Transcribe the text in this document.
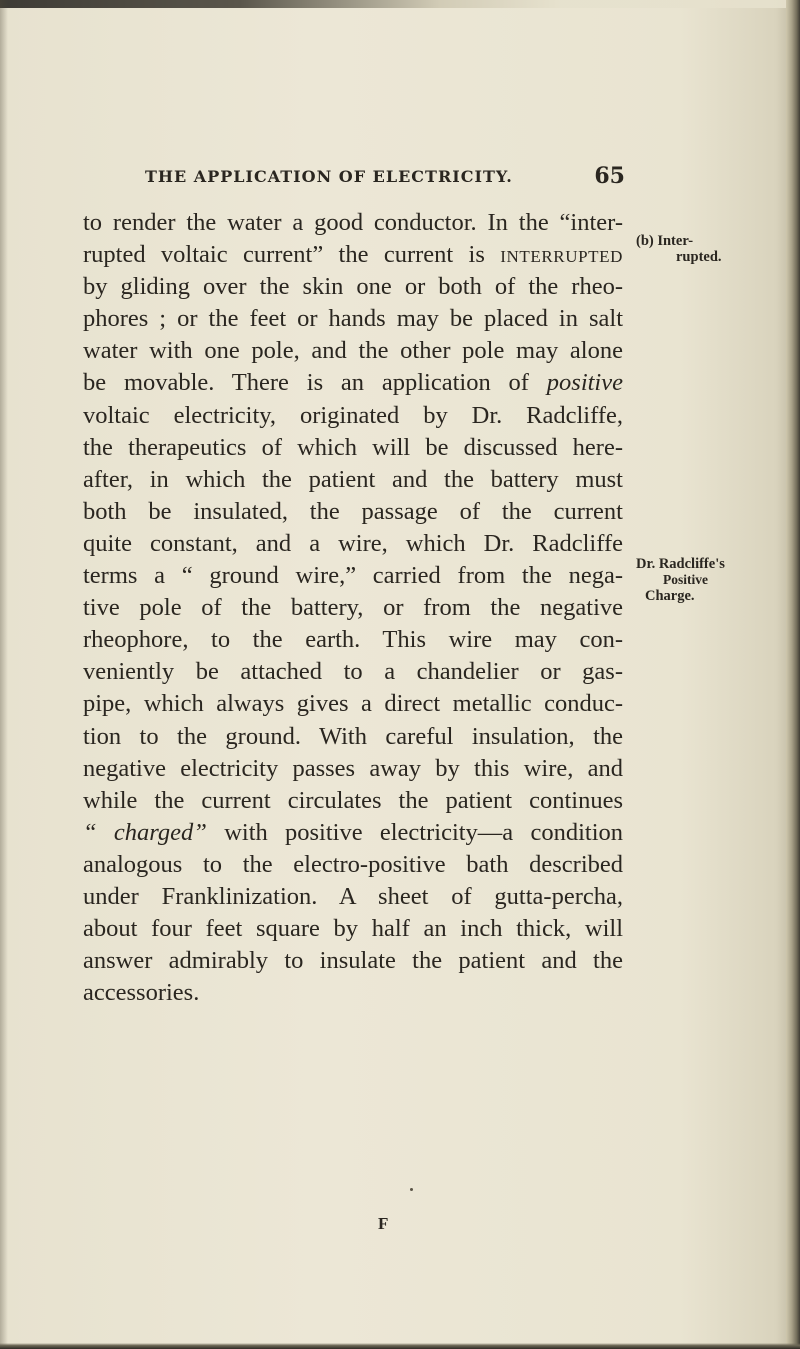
THE APPLICATION OF ELECTRICITY.	65
to render the water a good conductor. In the “inter-
rupted voltaic current” the current is interrupted
by gliding over the skin one or both of the rheo-
phores ; or the feet or hands may be placed in salt
water with one pole, and the other pole may alone
be movable. There is an application of positive
voltaic electricity, originated by Dr. Radcliffe,
the therapeutics of which will be discussed here-
after, in which the patient and the battery must
both be insulated, the passage of the current
quite constant, and a wire, which Dr. Radcliffe
terms a “ ground wire,” carried from the nega-
tive pole of the battery, or from the negative
rheophore, to the earth. This wire may con-
veniently be attached to a chandelier or gas-
pipe, which always gives a direct metallic conduc-
tion to the ground. With careful insulation, the
negative electricity passes away by this wire, and
while the current circulates the patient continues
“ charged” with positive electricity—a condition
analogous to the electro-positive bath described
under Franklinization. A sheet of gutta-percha,
about four feet square by half an inch thick, will
answer admirably to insulate the patient and the
accessories.
(b) Inter-
rupted.
Dr. Radcliffe's
Positive
Charge.
F
